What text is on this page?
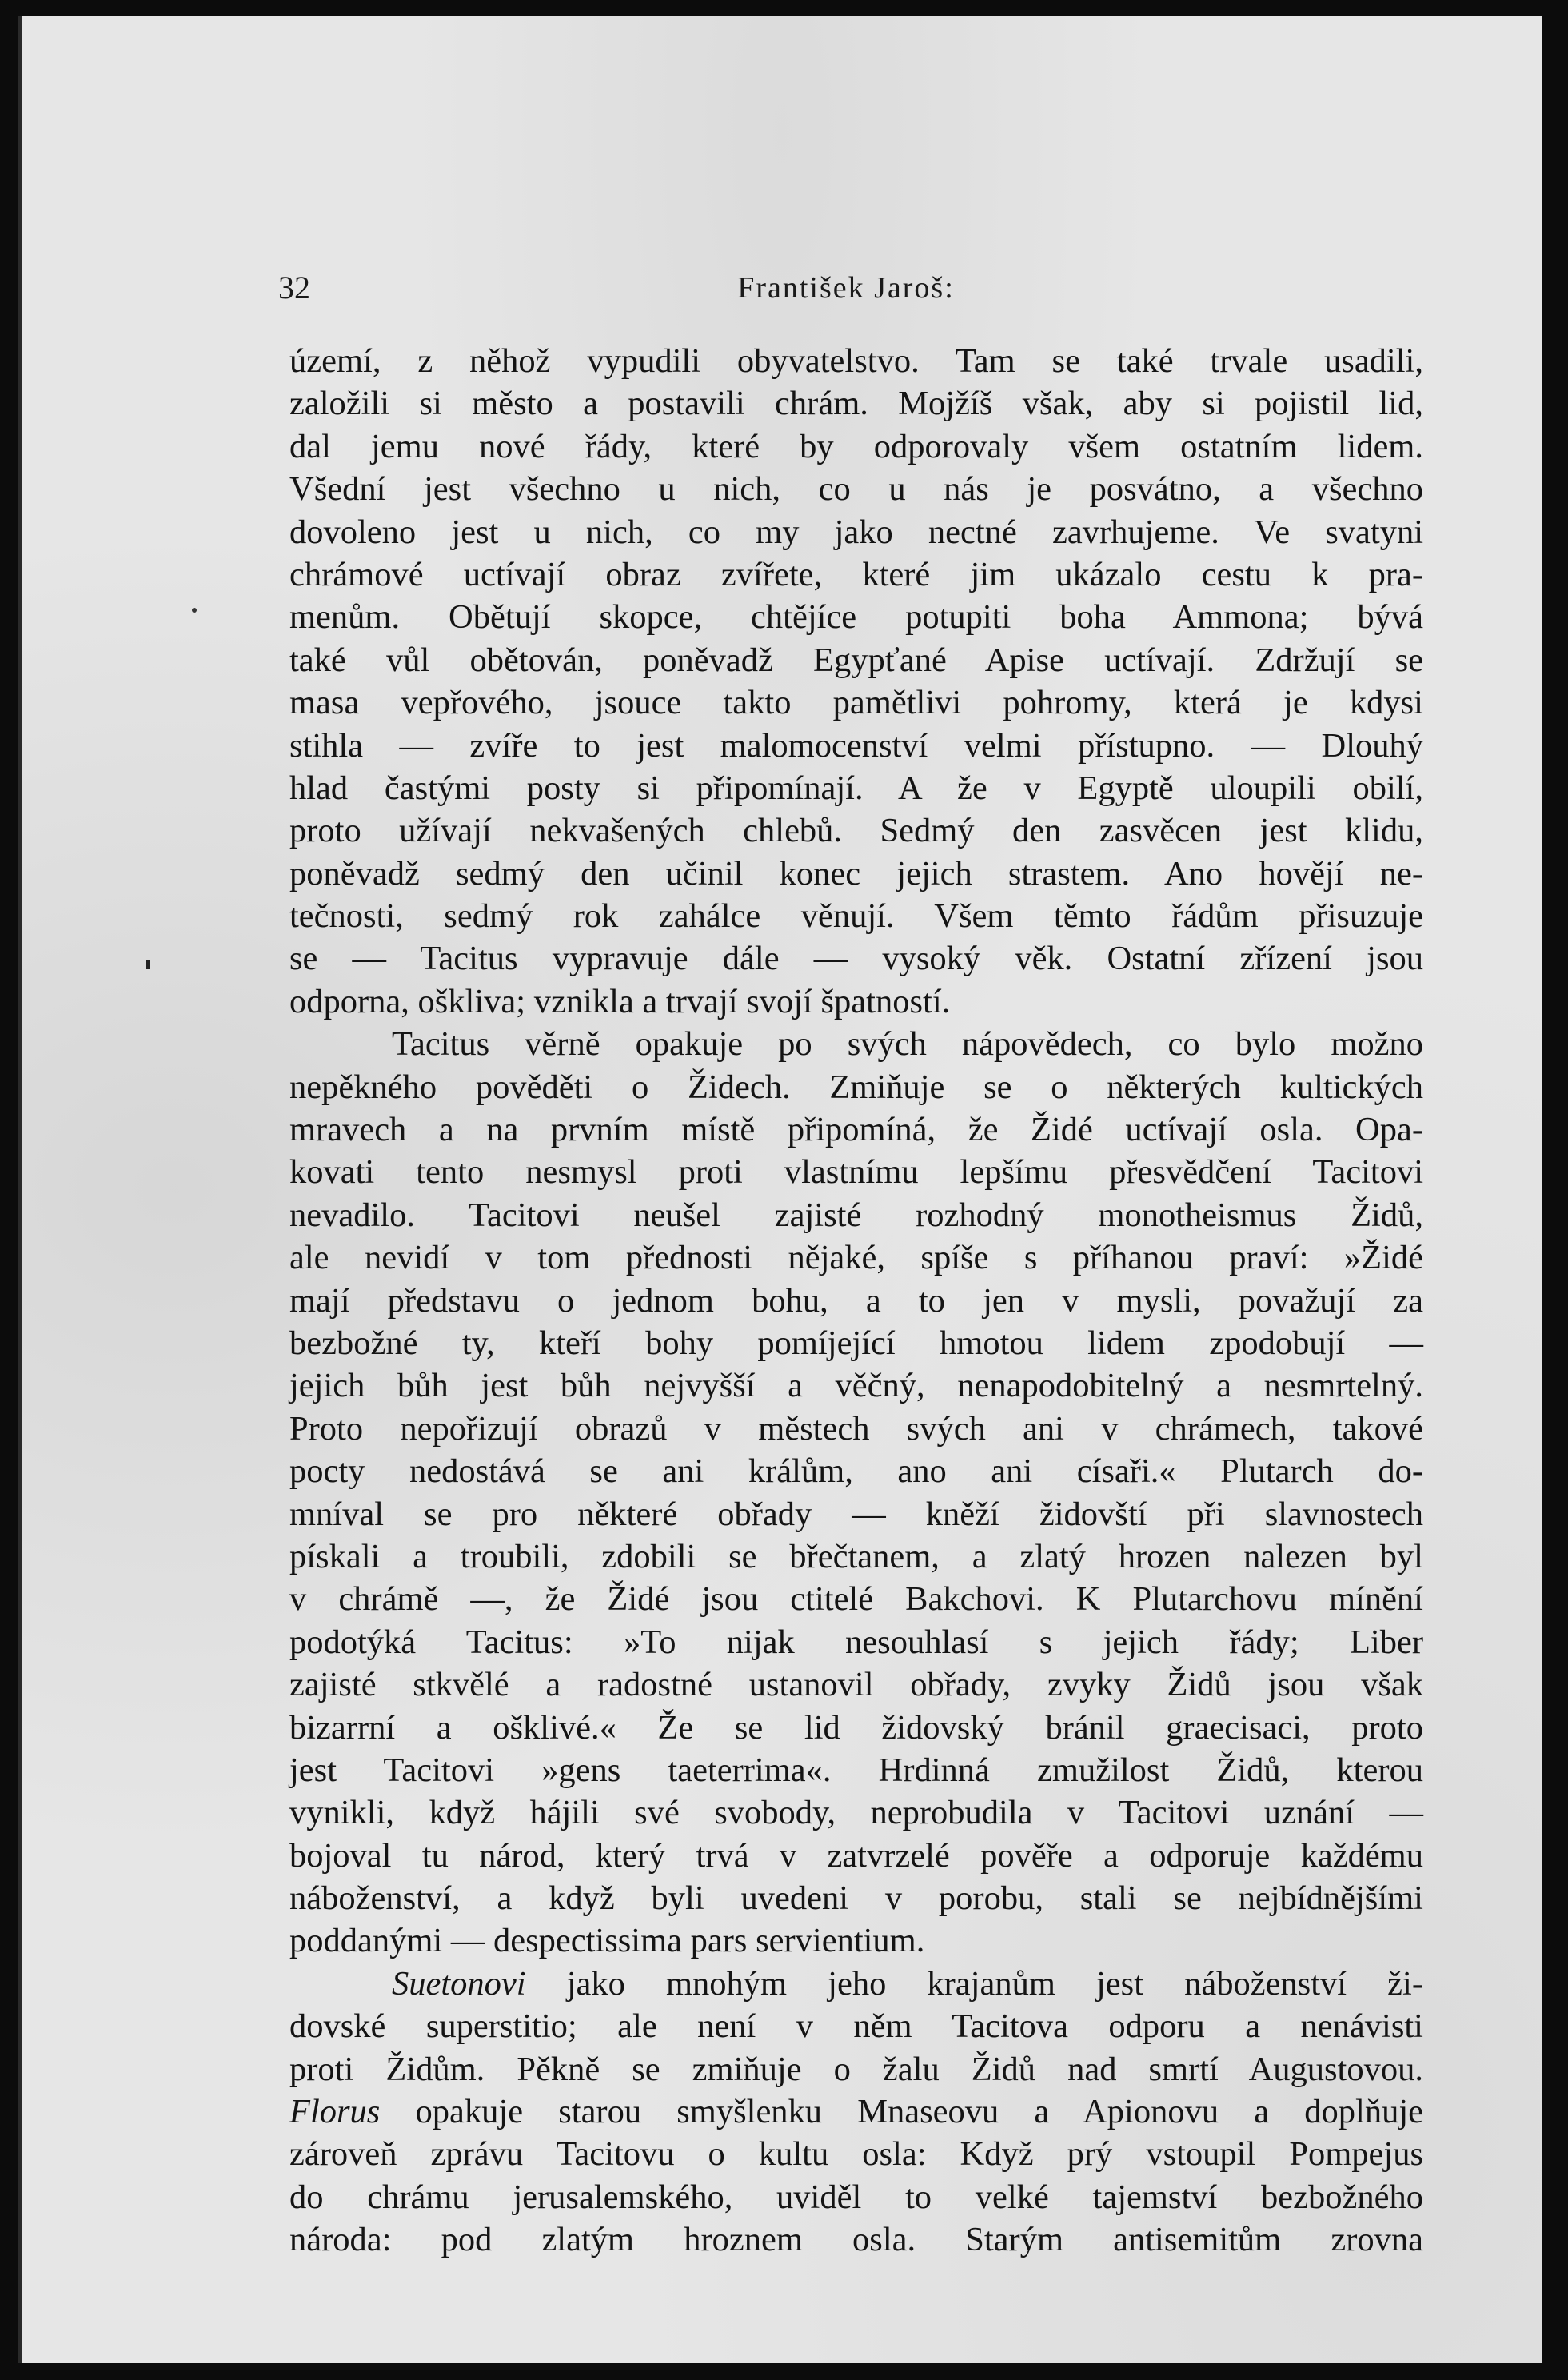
32	František Jaroš:
území, z něhož vypudili obyvatelstvo. Tam se také trvale usadili,
založili si město a postavili chrám. Mojžíš však, aby si pojistil lid,
dal jemu nové řády, které by odporovaly všem ostatním lidem.
Všední jest všechno u nich, co u nás je posvátno, a všechno
dovoleno jest u nich, co my jako nectné zavrhujeme. Ve svatyni
chrámové uctívají obraz zvířete, které jim ukázalo cestu k pra-
menům. Obětují skopce, chtějíce potupiti boha Ammona; bývá
také vůl obětován, poněvadž Egypťané Apise uctívají. Zdržují se
masa vepřového, jsouce takto pamětlivi pohromy, která je kdysi
stihla — zvíře to jest malomocenství velmi přístupno. — Dlouhý
hlad častými posty si připomínají. A že v Egyptě uloupili obilí,
proto užívají nekvašených chlebů. Sedmý den zasvěcen jest klidu,
poněvadž sedmý den učinil konec jejich strastem. Ano hovějí ne-
tečnosti, sedmý rok zahálce věnují. Všem těmto řádům přisuzuje
se — Tacitus vypravuje dále — vysoký věk. Ostatní zřízení jsou
odporna, ošklivа; vznikla a trvají svojí špatností.
Tacitus věrně opakuje po svých nápovědech, co bylo možno
nepěkného pověděti o Židech. Zmiňuje se o některých kultických
mravech a na prvním místě připomíná, že Židé uctívají osla. Opa-
kovati tento nesmysl proti vlastnímu lepšímu přesvědčení Tacitovi
nevadilo. Tacitovi neušel zajisté rozhodný monotheismus Židů,
ale nevidí v tom přednosti nějaké, spíše s příhanou praví: »Židé
mají představu o jednom bohu, a to jen v mysli, považují za
bezbožné ty, kteří bohy pomíjející hmotou lidem zpodobují —
jejich bůh jest bůh nejvyšší a věčný, nenapodobitelný a nesmrtelný.
Proto nepořizují obrazů v městech svých ani v chrámech, takové
pocty nedostává se ani králům, ano ani císaři.« Plutarch do-
mníval se pro některé obřady — kněží židovští při slavnostech
pískali a troubili, zdobili se břečtanem, a zlatý hrozen nalezen byl
v chrámě —, že Židé jsou ctitelé Bakchovi. K Plutarchovu mínění
podotýká Tacitus: »To nijak nesouhlasí s jejich řády; Liber
zajisté stkvělé a radostné ustanovil obřady, zvyky Židů jsou však
bizarrní a ošklivé.« Že se lid židovský bránil graecisaci, proto
jest Tacitovi »gens taeterrima«. Hrdinná zmužilost Židů, kterou
vynikli, když hájili své svobody, neprobudila v Tacitovi uznání —
bojoval tu národ, který trvá v zatvrzelé pověře a odporuje každému
náboženství, a když byli uvedeni v porobu, stali se nejbídnějšími
poddanými — despectissima pars servientium.
Suetonovi jako mnohým jeho krajanům jest náboženství ži-
dovské superstitio; ale není v něm Tacitova odporu a nenávisti
proti Židům. Pěkně se zmiňuje o žalu Židů nad smrtí Augustovou.
Florus opakuje starou smyšlenku Mnaseovu a Apionovu a doplňuje
zároveň zprávu Tacitovu o kultu osla: Když prý vstoupil Pompejus
do chrámu jerusalemského, uviděl to velké tajemství bezbožného
národa: pod zlatým hroznem osla. Starým antisemitům zrovna
